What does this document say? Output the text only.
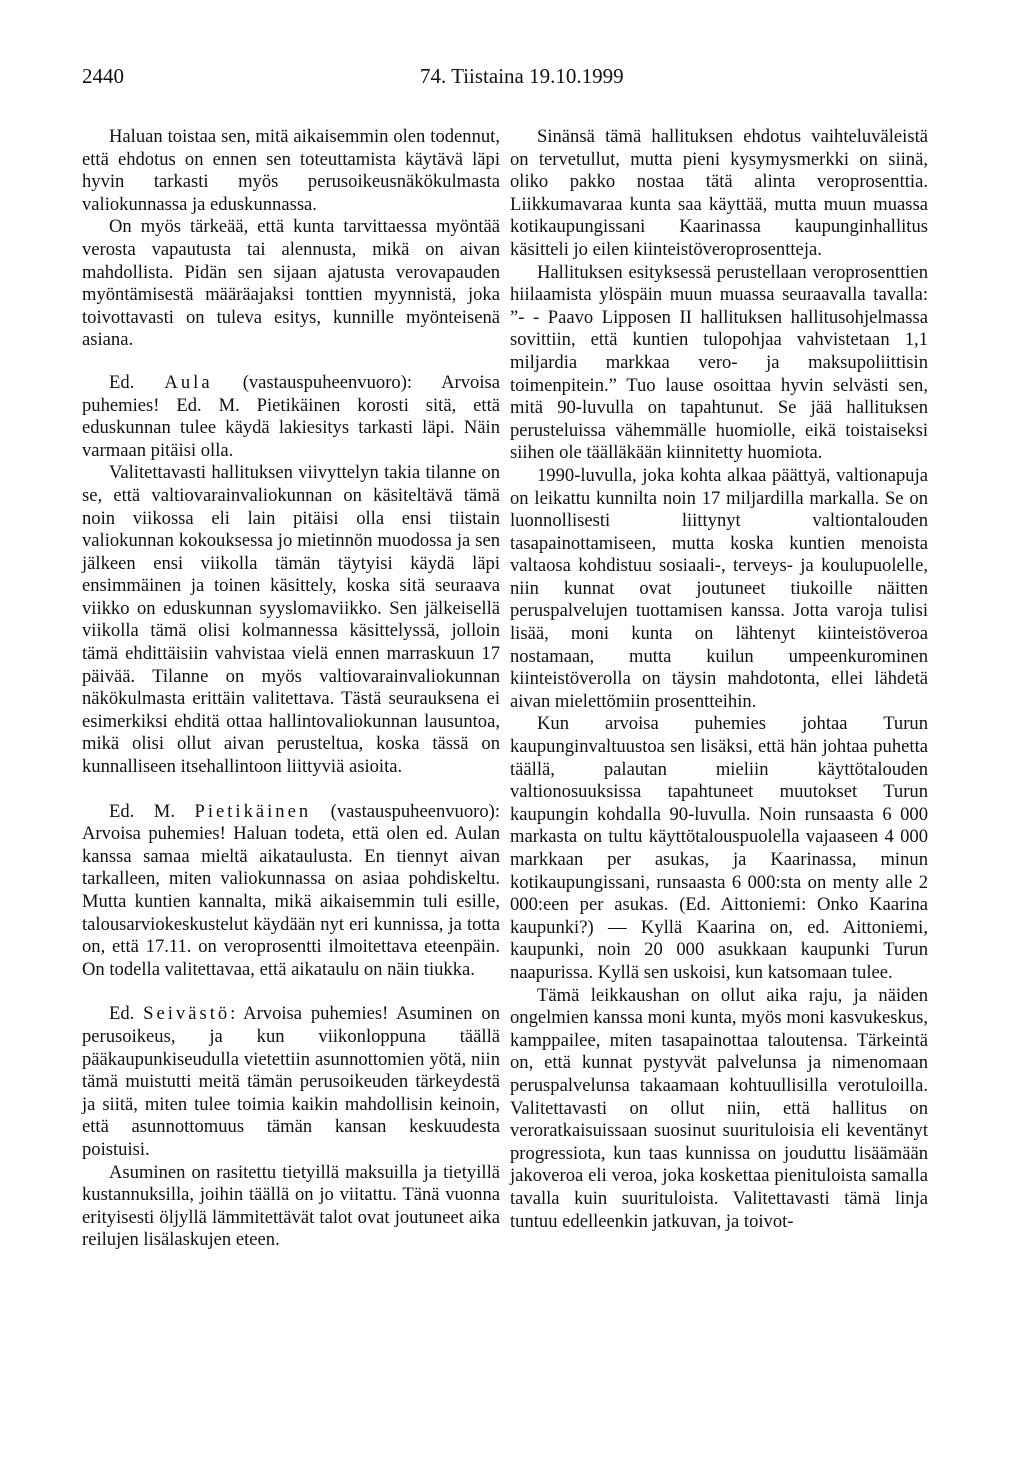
2440	74. Tiistaina 19.10.1999

Haluan toistaa sen, mitä aikaisemmin olen todennut, että ehdotus on ennen sen toteuttamista käytävä läpi hyvin tarkasti myös perusoikeusnäkökulmasta valiokunnassa ja eduskunnassa.

On myös tärkeää, että kunta tarvittaessa myöntää verosta vapautusta tai alennusta, mikä on aivan mahdollista. Pidän sen sijaan ajatusta verovapauden myöntämisestä määräajaksi tonttien myynnistä, joka toivottavasti on tuleva esitys, kunnille myönteisenä asiana.

Ed. Aula (vastauspuheenvuoro): Arvoisa puhemies! Ed. M. Pietikäinen korosti sitä, että eduskunnan tulee käydä lakiesitys tarkasti läpi. Näin varmaan pitäisi olla.

Valitettavasti hallituksen viivyttelyn takia tilanne on se, että valtiovarainvaliokunnan on käsiteltävä tämä noin viikossa eli lain pitäisi olla ensi tiistain valiokunnan kokouksessa jo mietinnön muodossa ja sen jälkeen ensi viikolla tämän täytyisi käydä läpi ensimmäinen ja toinen käsittely, koska sitä seuraava viikko on eduskunnan syyslomaviikko. Sen jälkeisellä viikolla tämä olisi kolmannessa käsittelyssä, jolloin tämä ehdittäisiin vahvistaa vielä ennen marraskuun 17 päivää. Tilanne on myös valtiovarainvaliokunnan näkökulmasta erittäin valitettava. Tästä seurauksena ei esimerkiksi ehditä ottaa hallintovaliokunnan lausuntoa, mikä olisi ollut aivan perusteltua, koska tässä on kunnalliseen itsehallintoon liittyviä asioita.

Ed. M. Pietikäinen (vastauspuheenvuoro): Arvoisa puhemies! Haluan todeta, että olen ed. Aulan kanssa samaa mieltä aikataulusta. En tiennyt aivan tarkalleen, miten valiokunnassa on asiaa pohdiskeltu. Mutta kuntien kannalta, mikä aikaisemmin tuli esille, talousarviokeskustelut käydään nyt eri kunnissa, ja totta on, että 17.11. on veroprosentti ilmoitettava eteenpäin. On todella valitettavaa, että aikataulu on näin tiukka.

Ed. Seivästö: Arvoisa puhemies! Asuminen on perusoikeus, ja kun viikonloppuna täällä pääkaupunkiseudulla vietettiin asunnottomien yötä, niin tämä muistutti meitä tämän perusoikeuden tärkeydestä ja siitä, miten tulee toimia kaikin mahdollisin keinoin, että asunnottomuus tämän kansan keskuudesta poistuisi.

Asuminen on rasitettu tietyillä maksuilla ja tietyillä kustannuksilla, joihin täällä on jo viitattu. Tänä vuonna erityisesti öljyllä lämmitettävät talot ovat joutuneet aika reilujen lisälaskujen eteen.

Sinänsä tämä hallituksen ehdotus vaihteluväleistä on tervetullut, mutta pieni kysymysmerkki on siinä, oliko pakko nostaa tätä alinta veroprosenttia. Liikkumavaraa kunta saa käyttää, mutta muun muassa kotikaupungissani Kaarinassa kaupunginhallitus käsitteli jo eilen kiinteistöveroprosentteja.

Hallituksen esityksessä perustellaan veroprosenttien hiilaamista ylöspäin muun muassa seuraavalla tavalla: ”- - Paavo Lipposen II hallituksen hallitusohjelmassa sovittiin, että kuntien tulopohjaa vahvistetaan 1,1 miljardia markkaa vero- ja maksupoliittisin toimenpitein.” Tuo lause osoittaa hyvin selvästi sen, mitä 90-luvulla on tapahtunut. Se jää hallituksen perusteluissa vähemmälle huomiolle, eikä toistaiseksi siihen ole täälläkään kiinnitetty huomiota.

1990-luvulla, joka kohta alkaa päättyä, valtionapuja on leikattu kunnilta noin 17 miljardilla markalla. Se on luonnollisesti liittynyt valtiontalouden tasapainottamiseen, mutta koska kuntien menoista valtaosa kohdistuu sosiaali-, terveys- ja koulupuolelle, niin kunnat ovat joutuneet tiukoille näitten peruspalvelujen tuottamisen kanssa. Jotta varoja tulisi lisää, moni kunta on lähtenyt kiinteistöveroa nostamaan, mutta kuilun umpeenkurominen kiinteistöverolla on täysin mahdotonta, ellei lähdetä aivan mielettömiin prosentteihin.

Kun arvoisa puhemies johtaa Turun kaupunginvaltuustoa sen lisäksi, että hän johtaa puhetta täällä, palautan mieliin käyttötalouden valtionosuuksissa tapahtuneet muutokset Turun kaupungin kohdalla 90-luvulla. Noin runsaasta 6 000 markasta on tultu käyttötalouspuolella vajaaseen 4 000 markkaan per asukas, ja Kaarinassa, minun kotikaupungissani, runsaasta 6 000:sta on menty alle 2 000:een per asukas. (Ed. Aittoniemi: Onko Kaarina kaupunki?) — Kyllä Kaarina on, ed. Aittoniemi, kaupunki, noin 20 000 asukkaan kaupunki Turun naapurissa. Kyllä sen uskoisi, kun katsomaan tulee.

Tämä leikkaushan on ollut aika raju, ja näiden ongelmien kanssa moni kunta, myös moni kasvukeskus, kamppailee, miten tasapainottaa taloutensa. Tärkeintä on, että kunnat pystyvät palvelunsa ja nimenomaan peruspalvelunsa takaamaan kohtuullisilla verotuloilla. Valitettavasti on ollut niin, että hallitus on veroratkaisuissaan suosinut suurituloisia eli keventänyt progressiota, kun taas kunnissa on jouduttu lisäämään jakoveroa eli veroa, joka koskettaa pienituloista samalla tavalla kuin suurituloista. Valitettavasti tämä linja tuntuu edelleenkin jatkuvan, ja toivot-
